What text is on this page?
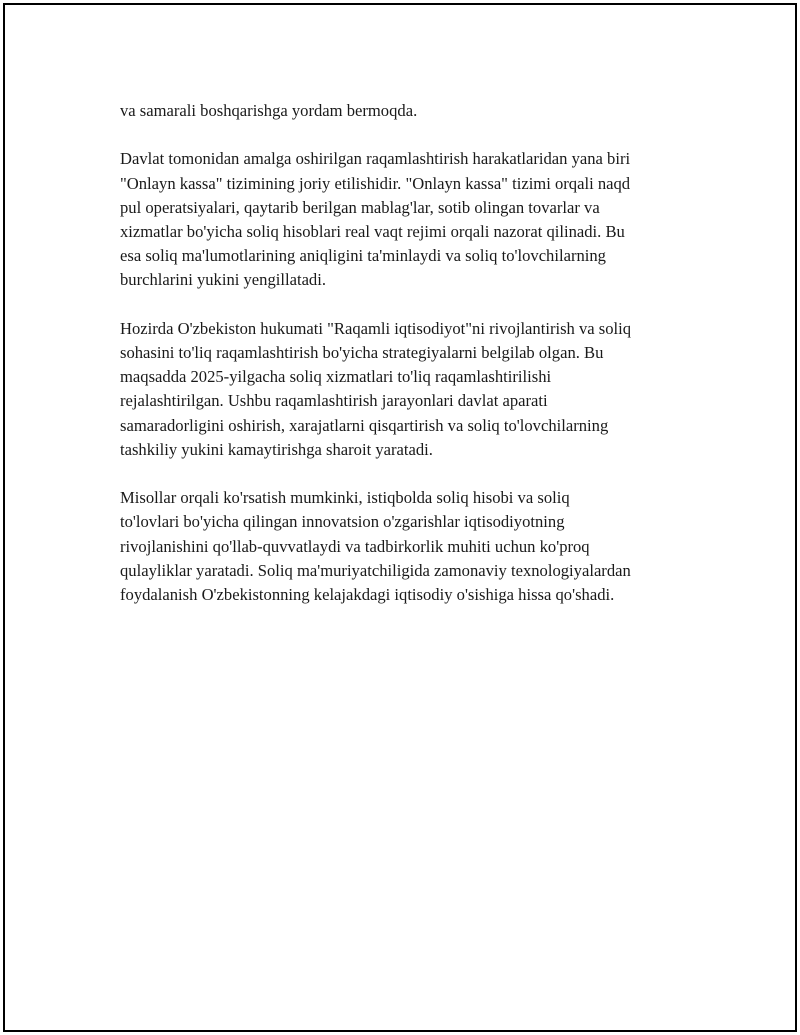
va samarali boshqarishga yordam bermoqda.

Davlat tomonidan amalga oshirilgan raqamlashtirish harakatlaridan yana biri
"Onlayn kassa" tizimining joriy etilishidir. "Onlayn kassa" tizimi orqali naqd
pul operatsiyalari, qaytarib berilgan mablag'lar, sotib olingan tovarlar va
xizmatlar bo'yicha soliq hisoblari real vaqt rejimi orqali nazorat qilinadi. Bu
esa soliq ma'lumotlarining aniqligini ta'minlaydi va soliq to'lovchilarning
burchlarini yukini yengillatadi.

Hozirda O'zbekiston hukumati "Raqamli iqtisodiyot"ni rivojlantirish va soliq
sohasini to'liq raqamlashtirish bo'yicha strategiyalarni belgilab olgan. Bu
maqsadda 2025-yilgacha soliq xizmatlari to'liq raqamlashtirilishi
rejalashtirilgan. Ushbu raqamlashtirish jarayonlari davlat aparati
samaradorligini oshirish, xarajatlarni qisqartirish va soliq to'lovchilarning
tashkiliy yukini kamaytirishga sharoit yaratadi.

Misollar orqali ko'rsatish mumkinki, istiqbolda soliq hisobi va soliq
to'lovlari bo'yicha qilingan innovatsion o'zgarishlar iqtisodiyotning
rivojlanishini qo'llab-quvvatlaydi va tadbirkorlik muhiti uchun ko'proq
qulayliklar yaratadi. Soliq ma'muriyatchiligida zamonaviy texnologiyalardan
foydalanish O'zbekistonning kelajakdagi iqtisodiy o'sishiga hissa qo'shadi.
